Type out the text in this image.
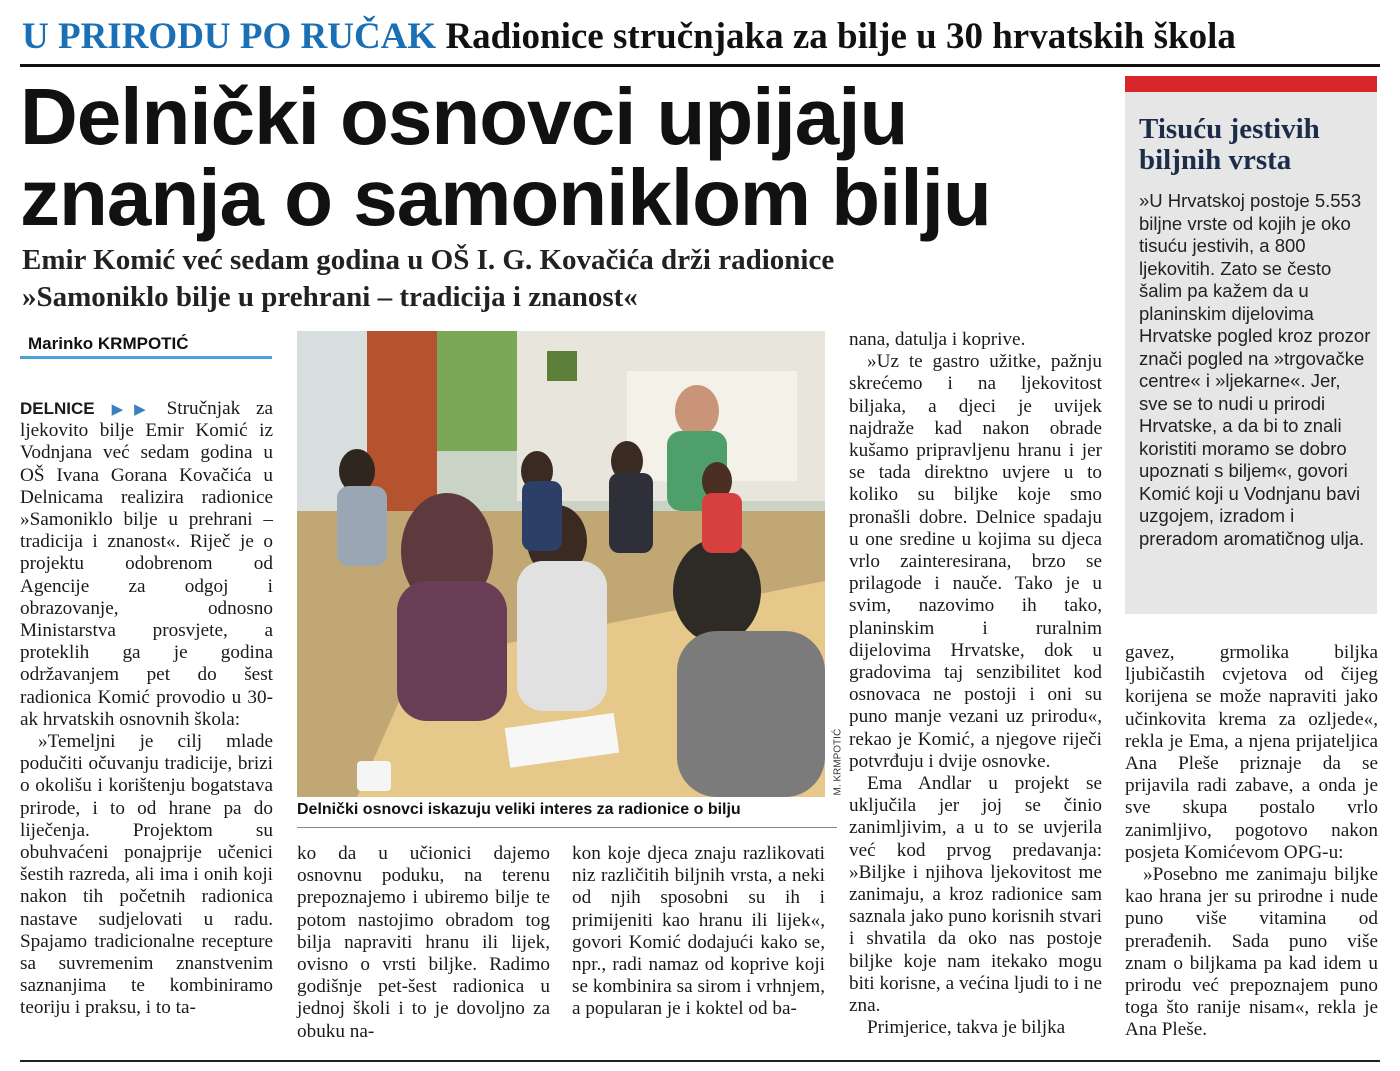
U PRIRODU PO RUČAK Radionice stručnjaka za bilje u 30 hrvatskih škola
Delnički osnovci upijaju
znanja o samoniklom bilju
Emir Komić već sedam godina u OŠ I. G. Kovačića drži radionice
»Samoniklo bilje u prehrani – tradicija i znanost«
Marinko KRMPOTIĆ

DELNICE ▶▶ Stručnjak za ljekovito bilje Emir Komić iz Vodnjana već sedam godina u OŠ Ivana Gorana Kovačića u Delnicama realizira radionice »Samoniklo bilje u prehrani – tradicija i znanost«. Riječ je o projektu odobrenom od Agencije za odgoj i obrazovanje, odnosno Ministarstva prosvjete, a proteklih ga je godina održavanjem pet do šest radionica Komić provodio u 30-ak hrvatskih osnovnih škola:

»Temeljni je cilj mlade podučiti očuvanju tradicije, brizi o okolišu i korištenju bogatstava prirode, i to od hrane pa do liječenja. Projektom su obuhvaćeni ponajprije učenici šestih razreda, ali ima i onih koji nakon tih početnih radionica nastave sudjelovati u radu. Spajamo tradicionalne recepture sa suvremenim znanstvenim saznanjima te kombiniramo teoriju i praksu, i to ta-

M. KRMPOTIĆ
Delnički osnovci iskazuju veliki interes za radionice o bilju

ko da u učionici dajemo osnovnu poduku, na terenu prepoznajemo i ubiremo bilje te potom nastojimo obradom tog bilja napraviti hranu ili lijek, ovisno o vrsti biljke. Radimo godišnje pet-šest radionica u jednoj školi i to je dovoljno za obuku na-

kon koje djeca znaju razlikovati niz različitih biljnih vrsta, a neki od njih sposobni su ih i primijeniti kao hranu ili lijek«, govori Komić dodajući kako se, npr., radi namaz od koprive koji se kombinira sa sirom i vrhnjem, a popularan je i koktel od ba-

nana, datulja i koprive.

»Uz te gastro užitke, pažnju skrećemo i na ljekovitost biljaka, a djeci je uvijek najdraže kad nakon obrade kušamo pripravljenu hranu i jer se tada direktno uvjere u to koliko su biljke koje smo pronašli dobre. Delnice spadaju u one sredine u kojima su djeca vrlo zainteresirana, brzo se prilagode i nauče. Tako je u svim, nazovimo ih tako, planinskim i ruralnim dijelovima Hrvatske, dok u gradovima taj senzibilitet kod osnovaca ne postoji i oni su puno manje vezani uz prirodu«, rekao je Komić, a njegove riječi potvrđuju i dvije osnovke.

Ema Andlar u projekt se uključila jer joj se činio zanimljivim, a u to se uvjerila već kod prvog predavanja: »Biljke i njihova ljekovitost me zanimaju, a kroz radionice sam saznala jako puno korisnih stvari i shvatila da oko nas postoje biljke koje nam itekako mogu biti korisne, a većina ljudi to i ne zna.

Primjerice, takva je biljka

Tisuću jestivih biljnih vrsta
»U Hrvatskoj postoje 5.553 biljne vrste od kojih je oko tisuću jestivih, a 800 ljekovitih. Zato se često šalim pa kažem da u planinskim dijelovima Hrvatske pogled kroz prozor znači pogled na »trgovačke centre« i »ljekarne«. Jer, sve se to nudi u prirodi Hrvatske, a da bi to znali koristiti moramo se dobro upoznati s biljem«, govori Komić koji u Vodnjanu bavi uzgojem, izradom i preradom aromatičnog ulja.

gavez, grmolika biljka ljubičastih cvjetova od čijeg korijena se može napraviti jako učinkovita krema za ozljede«, rekla je Ema, a njena prijateljica Ana Pleše priznaje da se prijavila radi zabave, a onda je sve skupa postalo vrlo zanimljivo, pogotovo nakon posjeta Komićevom OPG-u:

»Posebno me zanimaju biljke kao hrana jer su prirodne i nude puno više vitamina od prerađenih. Sada puno više znam o biljkama pa kad idem u prirodu već prepoznajem puno toga što ranije nisam«, rekla je Ana Pleše.
